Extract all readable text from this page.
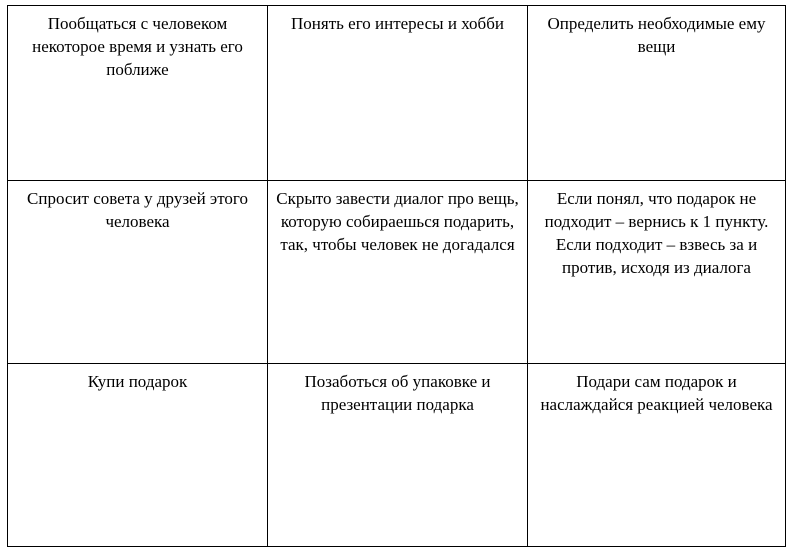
Пообщаться с человеком некоторое время и узнать его поближе	Понять его интересы и хобби	Определить необходимые ему вещи
Спросит совета у друзей этого человека	Скрыто завести диалог про вещь, которую собираешься подарить, так, чтобы человек не догадался	Если понял, что подарок не подходит – вернись к 1 пункту. Если подходит – взвесь за и против, исходя из диалога
Купи подарок	Позаботься об упаковке и презентации подарка	Подари сам подарок и наслаждайся реакцией человека
